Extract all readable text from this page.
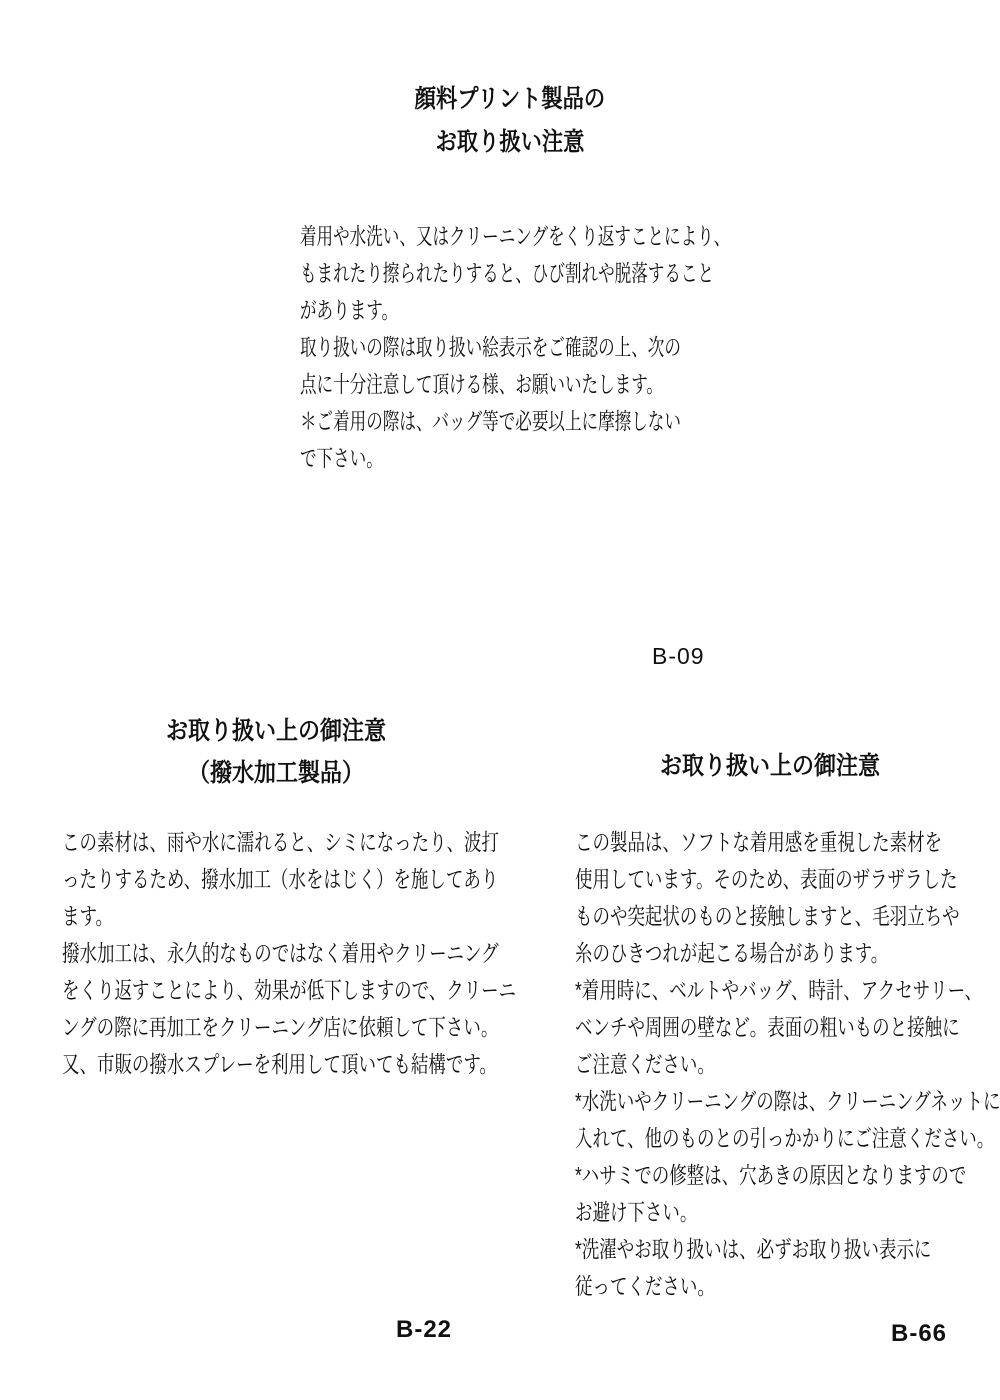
顔料プリント製品の
お取り扱い注意
着用や水洗い、又はクリーニングをくり返すことにより、
もまれたり擦られたりすると、ひび割れや脱落すること
があります。
取り扱いの際は取り扱い絵表示をご確認の上、次の
点に十分注意して頂ける様、お願いいたします。
＊ご着用の際は、バッグ等で必要以上に摩擦しない
で下さい。
B-09
お取り扱い上の御注意
（撥水加工製品）
この素材は、雨や水に濡れると、シミになったり、波打
ったりするため、撥水加工（水をはじく）を施してあり
ます。
撥水加工は、永久的なものではなく着用やクリーニング
をくり返すことにより、効果が低下しますので、クリーニ
ングの際に再加工をクリーニング店に依頼して下さい。
又、市販の撥水スプレーを利用して頂いても結構です。
B-22
お取り扱い上の御注意
この製品は、ソフトな着用感を重視した素材を
使用しています。そのため、表面のザラザラした
ものや突起状のものと接触しますと、毛羽立ちや
糸のひきつれが起こる場合があります。
*着用時に、ベルトやバッグ、時計、アクセサリー、
ベンチや周囲の壁など。表面の粗いものと接触に
ご注意ください。
*水洗いやクリーニングの際は、クリーニングネットに
入れて、他のものとの引っかかりにご注意ください。
*ハサミでの修整は、穴あきの原因となりますので
お避け下さい。
*洗濯やお取り扱いは、必ずお取り扱い表示に
従ってください。
B-66
